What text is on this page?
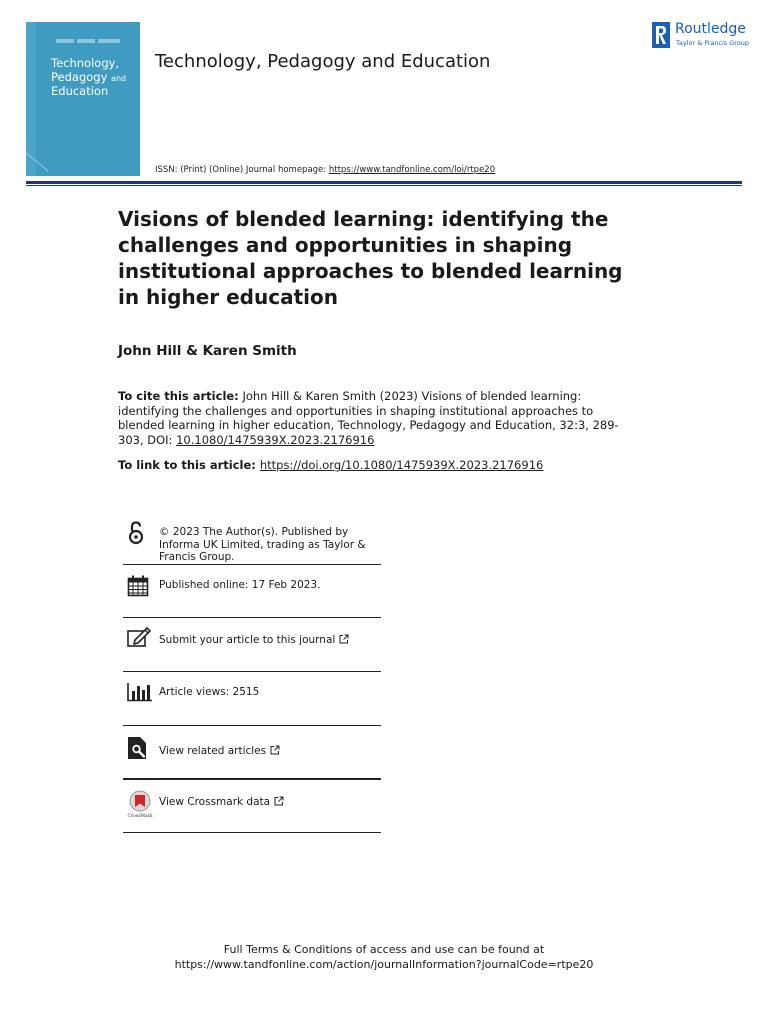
Technology,
Pedagogy and
Education
Technology, Pedagogy and Education
Routledge
Taylor & Francis Group
ISSN: (Print) (Online) Journal homepage: https://www.tandfonline.com/loi/rtpe20
Visions of blended learning: identifying the challenges and opportunities in shaping institutional approaches to blended learning in higher education
John Hill & Karen Smith
To cite this article: John Hill & Karen Smith (2023) Visions of blended learning: identifying the challenges and opportunities in shaping institutional approaches to blended learning in higher education, Technology, Pedagogy and Education, 32:3, 289-303, DOI: 10.1080/1475939X.2023.2176916
To link to this article: https://doi.org/10.1080/1475939X.2023.2176916
© 2023 The Author(s). Published by Informa UK Limited, trading as Taylor & Francis Group.
Published online: 17 Feb 2023.
Submit your article to this journal
Article views: 2515
View related articles
CrossMark
View Crossmark data
Full Terms & Conditions of access and use can be found at
https://www.tandfonline.com/action/journalInformation?journalCode=rtpe20
